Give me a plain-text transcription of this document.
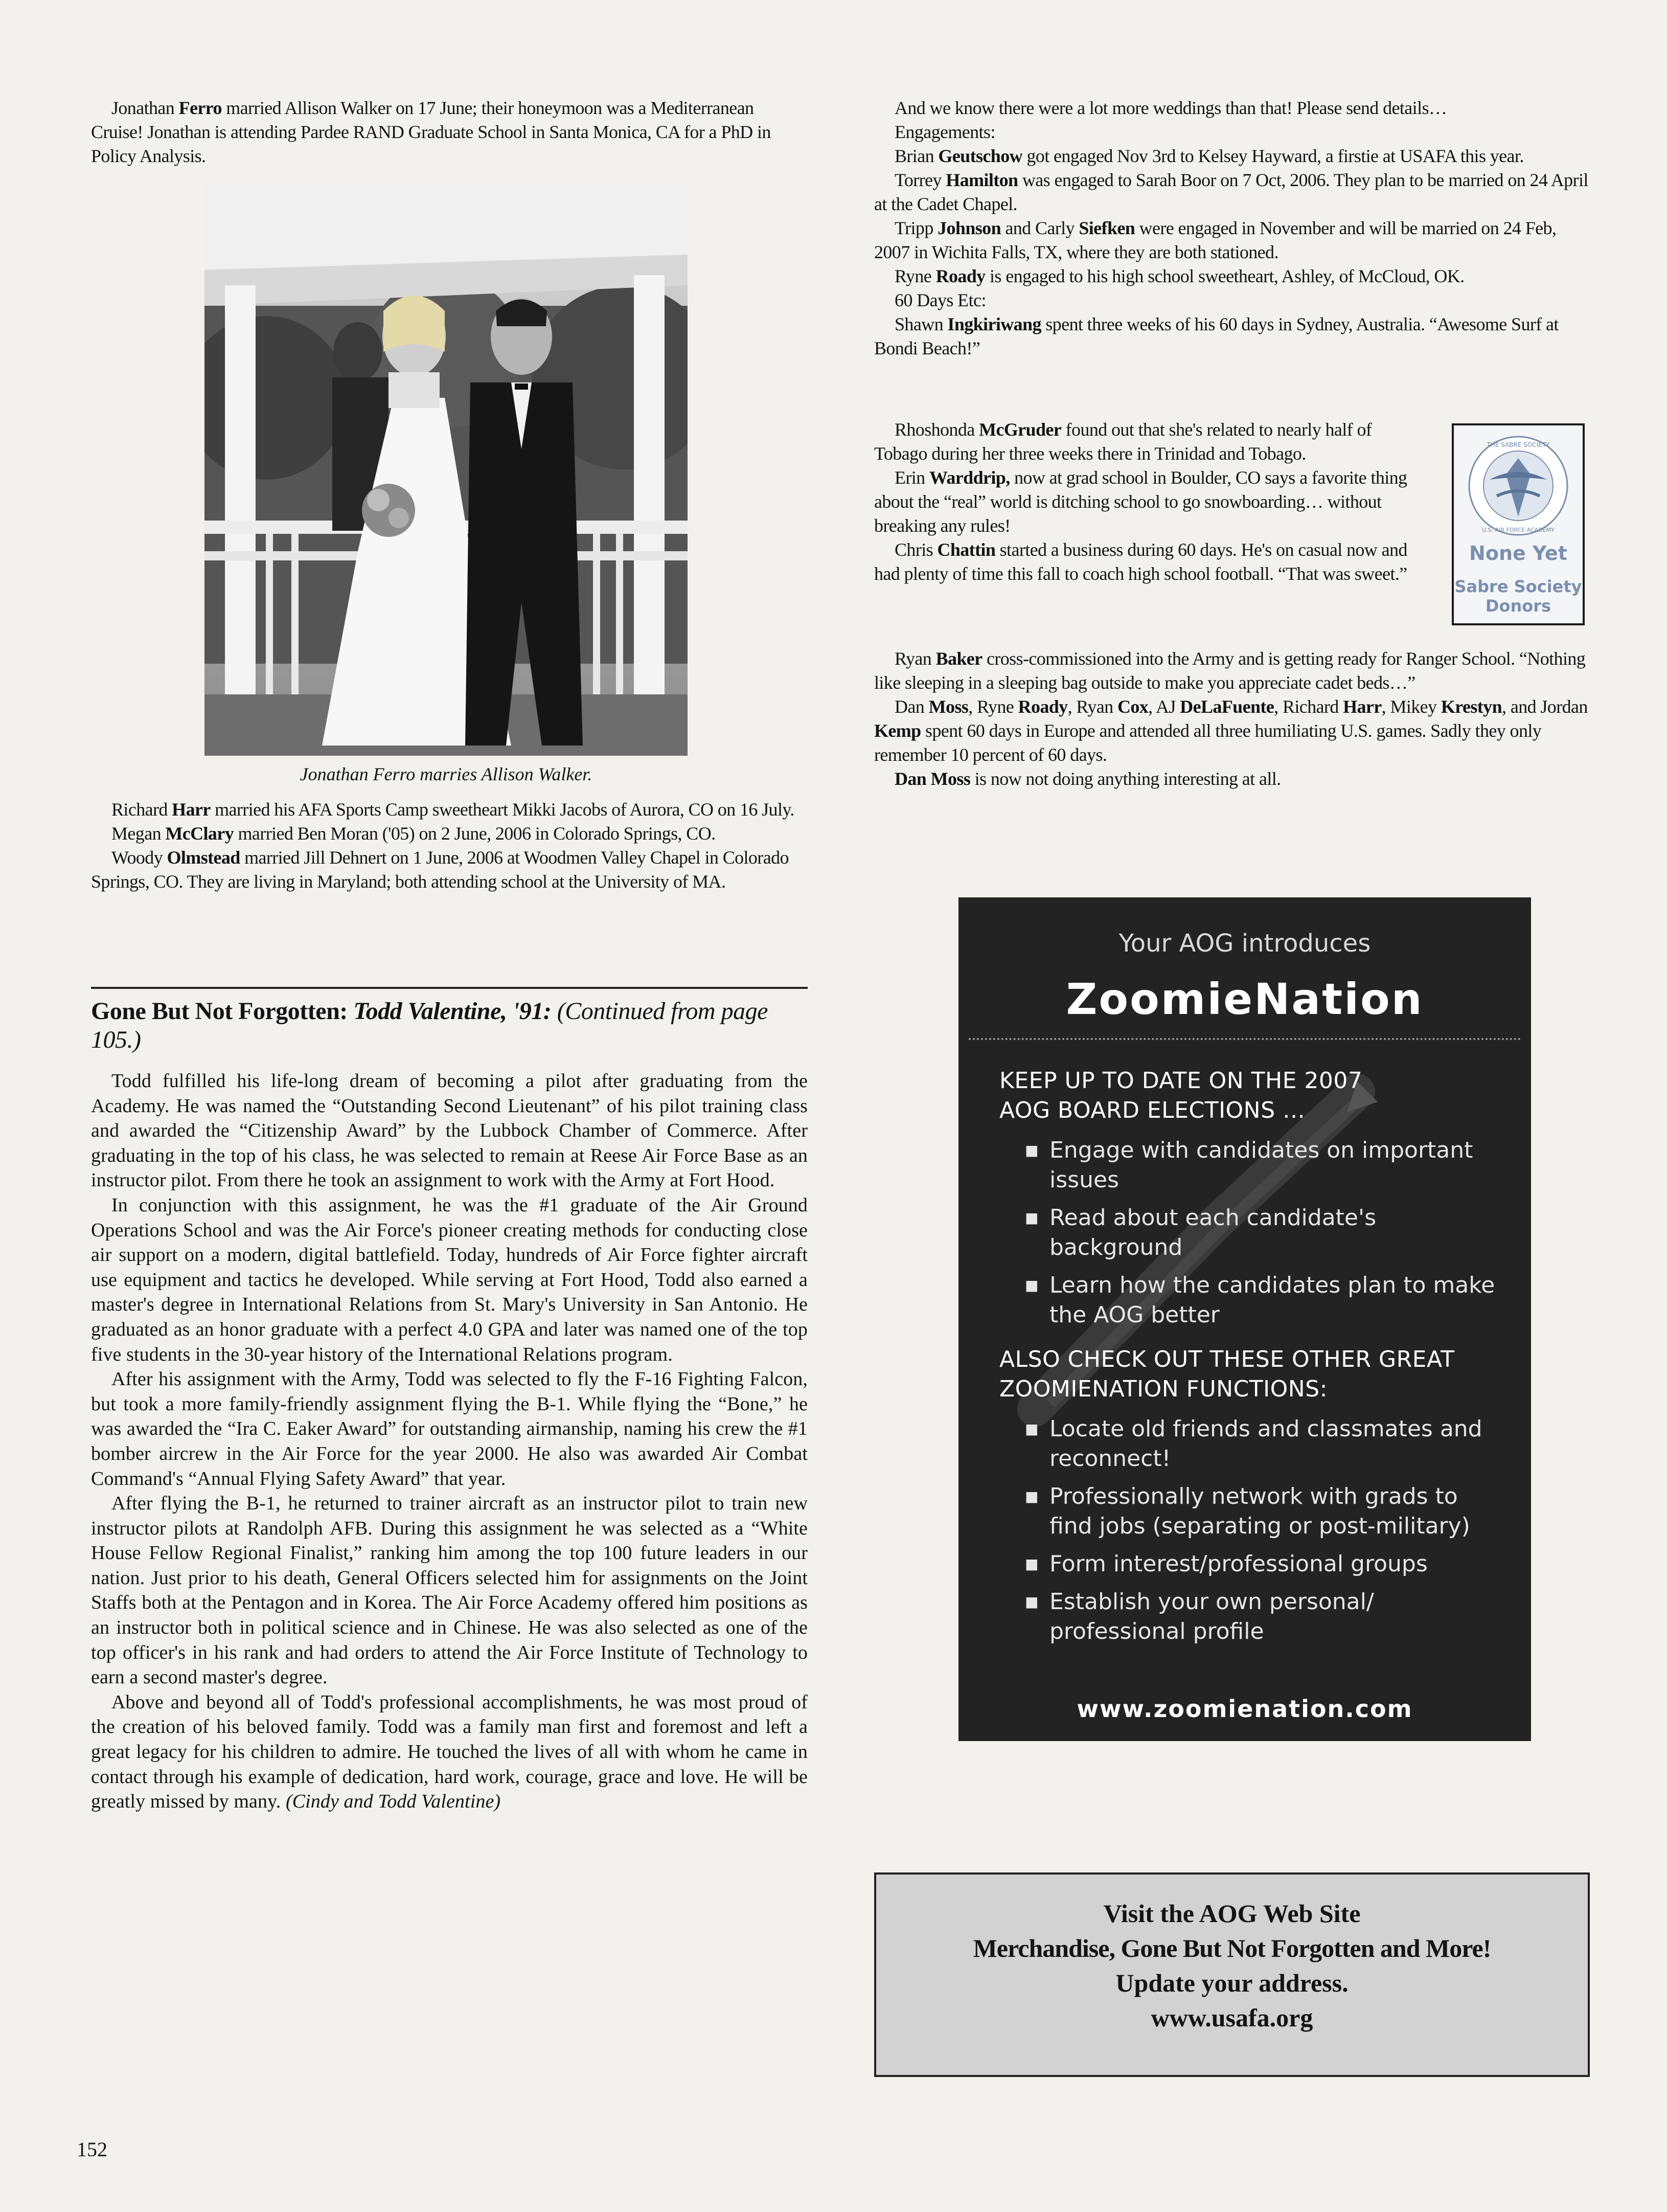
Jonathan Ferro married Allison Walker on 17 June; their honeymoon was a Mediterranean Cruise! Jonathan is attending Pardee RAND Graduate School in Santa Monica, CA for a PhD in Policy Analysis.

Jonathan Ferro marries Allison Walker.

Richard Harr married his AFA Sports Camp sweetheart Mikki Jacobs of Aurora, CO on 16 July.

Megan McClary married Ben Moran ('05) on 2 June, 2006 in Colorado Springs, CO.

Woody Olmstead married Jill Dehnert on 1 June, 2006 at Woodmen Valley Chapel in Colorado Springs, CO. They are living in Maryland; both attending school at the University of MA.

Gone But Not Forgotten: Todd Valentine, '91: (Continued from page 105.)

Todd fulfilled his life-long dream of becoming a pilot after graduating from the Academy. He was named the “Outstanding Second Lieutenant” of his pilot training class and awarded the “Citizenship Award” by the Lubbock Chamber of Commerce. After graduating in the top of his class, he was selected to remain at Reese Air Force Base as an instructor pilot. From there he took an assignment to work with the Army at Fort Hood.

In conjunction with this assignment, he was the #1 graduate of the Air Ground Operations School and was the Air Force's pioneer creating methods for conducting close air support on a modern, digital battlefield. Today, hundreds of Air Force fighter aircraft use equipment and tactics he developed. While serving at Fort Hood, Todd also earned a master's degree in International Relations from St. Mary's University in San Antonio. He graduated as an honor graduate with a perfect 4.0 GPA and later was named one of the top five students in the 30-year history of the International Relations program.

After his assignment with the Army, Todd was selected to fly the F-16 Fighting Falcon, but took a more family-friendly assignment flying the B-1. While flying the “Bone,” he was awarded the “Ira C. Eaker Award” for outstanding airmanship, naming his crew the #1 bomber aircrew in the Air Force for the year 2000. He also was awarded Air Combat Command's “Annual Flying Safety Award” that year.

After flying the B-1, he returned to trainer aircraft as an instructor pilot to train new instructor pilots at Randolph AFB. During this assignment he was selected as a “White House Fellow Regional Finalist,” ranking him among the top 100 future leaders in our nation. Just prior to his death, General Officers selected him for assignments on the Joint Staffs both at the Pentagon and in Korea. The Air Force Academy offered him positions as an instructor both in political science and in Chinese. He was also selected as one of the top officer's in his rank and had orders to attend the Air Force Institute of Technology to earn a second master's degree.

Above and beyond all of Todd's professional accomplishments, he was most proud of the creation of his beloved family. Todd was a family man first and foremost and left a great legacy for his children to admire. He touched the lives of all with whom he came in contact through his example of dedication, hard work, courage, grace and love. He will be greatly missed by many. (Cindy and Todd Valentine)

152

And we know there were a lot more weddings than that! Please send details…

Engagements:

Brian Geutschow got engaged Nov 3rd to Kelsey Hayward, a firstie at USAFA this year.

Torrey Hamilton was engaged to Sarah Boor on 7 Oct, 2006. They plan to be married on 24 April at the Cadet Chapel.

Tripp Johnson and Carly Siefken were engaged in November and will be married on 24 Feb, 2007 in Wichita Falls, TX, where they are both stationed.

Ryne Roady is engaged to his high school sweetheart, Ashley, of McCloud, OK.

60 Days Etc:

Shawn Ingkiriwang spent three weeks of his 60 days in Sydney, Australia. “Awesome Surf at Bondi Beach!”

Rhoshonda McGruder found out that she's related to nearly half of Tobago during her three weeks there in Trinidad and Tobago.

Erin Warddrip, now at grad school in Boulder, CO says a favorite thing about the “real” world is ditching school to go snowboarding… without breaking any rules!

Chris Chattin started a business during 60 days. He's on casual now and had plenty of time this fall to coach high school football. “That was sweet.”

THE SABRE SOCIETY
U.S. AIR FORCE ACADEMY
None Yet
Sabre Society
Donors

Ryan Baker cross-commissioned into the Army and is getting ready for Ranger School. “Nothing like sleeping in a sleeping bag outside to make you appreciate cadet beds…”

Dan Moss, Ryne Roady, Ryan Cox, AJ DeLaFuente, Richard Harr, Mikey Krestyn, and Jordan Kemp spent 60 days in Europe and attended all three humiliating U.S. games. Sadly they only remember 10 percent of 60 days.

Dan Moss is now not doing anything interesting at all.

Your AOG introduces
ZoomieNation
KEEP UP TO DATE ON THE 2007 AOG BOARD ELECTIONS …
■ Engage with candidates on important issues
■ Read about each candidate's background
■ Learn how the candidates plan to make the AOG better
ALSO CHECK OUT THESE OTHER GREAT ZOOMIENATION FUNCTIONS:
■ Locate old friends and classmates and reconnect!
■ Professionally network with grads to find jobs (separating or post-military)
■ Form interest/professional groups
■ Establish your own personal/ professional profile
www.zoomienation.com
Visit the AOG Web Site
Merchandise, Gone But Not Forgotten and More!
Update your address.
www.usafa.org
